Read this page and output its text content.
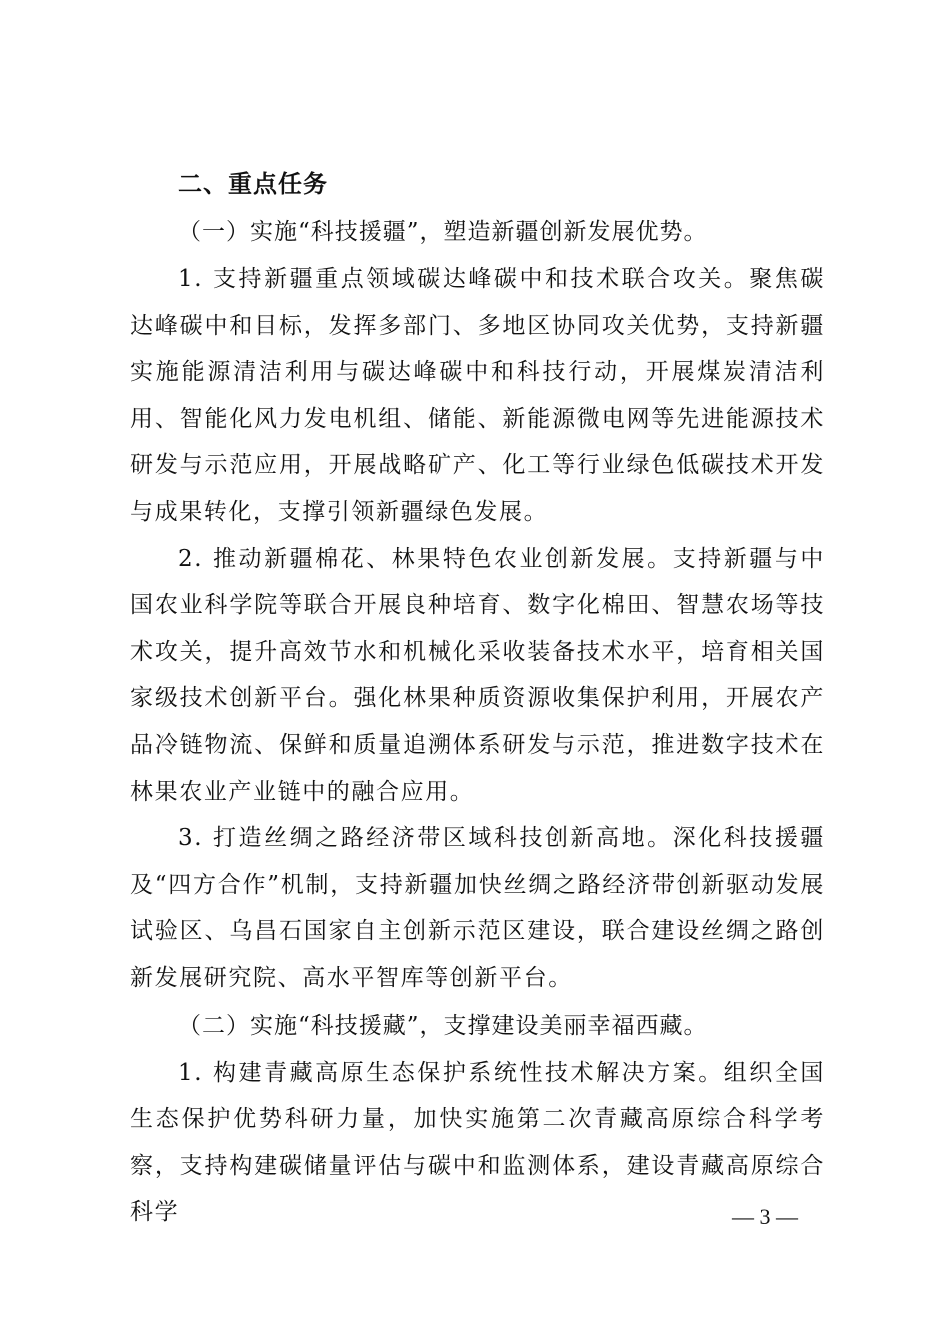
二、重点任务

（一）实施“科技援疆”，塑造新疆创新发展优势。

1. 支持新疆重点领域碳达峰碳中和技术联合攻关。聚焦碳达峰碳中和目标，发挥多部门、多地区协同攻关优势，支持新疆实施能源清洁利用与碳达峰碳中和科技行动，开展煤炭清洁利用、智能化风力发电机组、储能、新能源微电网等先进能源技术研发与示范应用，开展战略矿产、化工等行业绿色低碳技术开发与成果转化，支撑引领新疆绿色发展。

2. 推动新疆棉花、林果特色农业创新发展。支持新疆与中国农业科学院等联合开展良种培育、数字化棉田、智慧农场等技术攻关，提升高效节水和机械化采收装备技术水平，培育相关国家级技术创新平台。强化林果种质资源收集保护利用，开展农产品冷链物流、保鲜和质量追溯体系研发与示范，推进数字技术在林果农业产业链中的融合应用。

3. 打造丝绸之路经济带区域科技创新高地。深化科技援疆及“四方合作”机制，支持新疆加快丝绸之路经济带创新驱动发展试验区、乌昌石国家自主创新示范区建设，联合建设丝绸之路创新发展研究院、高水平智库等创新平台。

（二）实施“科技援藏”，支撑建设美丽幸福西藏。

1. 构建青藏高原生态保护系统性技术解决方案。组织全国生态保护优势科研力量，加快实施第二次青藏高原综合科学考察，支持构建碳储量评估与碳中和监测体系，建设青藏高原综合科学	— 3 —
